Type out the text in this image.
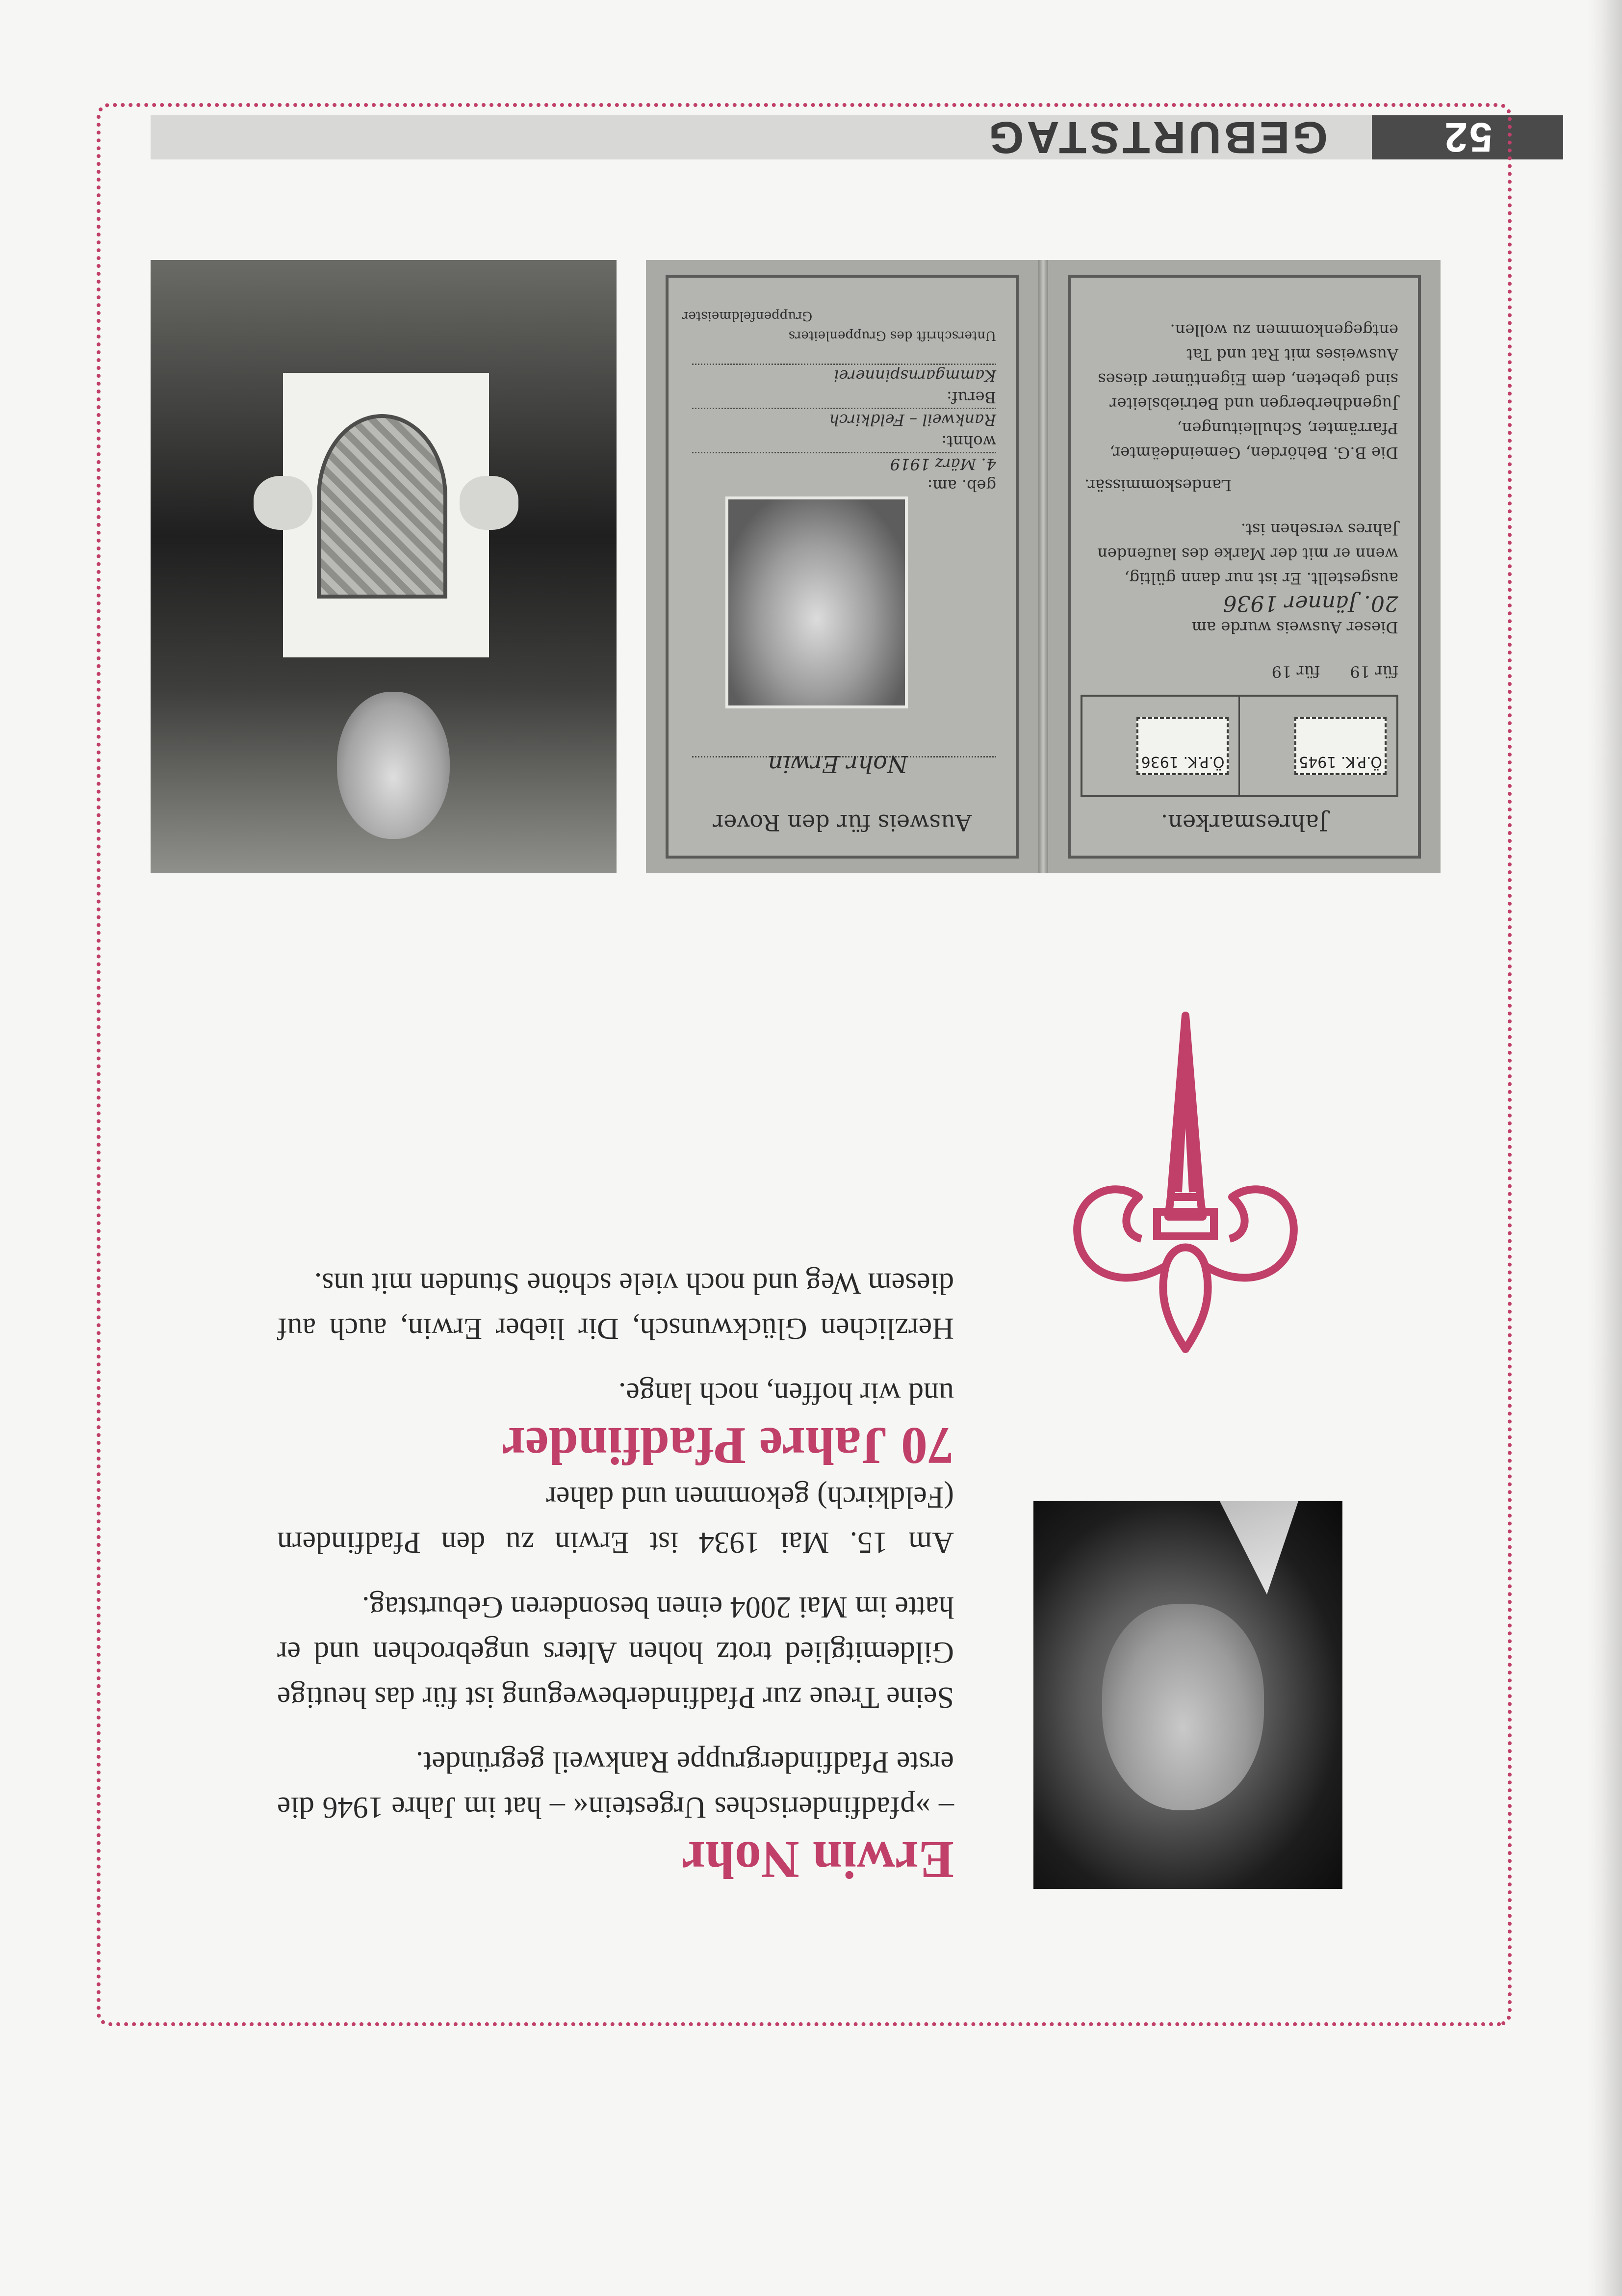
52
GEBURTSTAG

Erwin Nohr

– »pfadfinderisches Urgestein« – hat im Jahre 1946 die erste Pfadfindergruppe Rankweil gegründet.

Seine Treue zur Pfadfinderbewegung ist für das heutige Gildemitglied trotz hohen Alters ungebrochen und er hatte im Mai 2004 einen besonderen Geburtstag.

Am 15. Mai 1934 ist Erwin zu den Pfadfindern (Feldkirch) gekommen und daher

70 Jahre Pfadfinder

und wir hoffen, noch lange.

Herzlichen Glückwunsch, Dir lieber Erwin, auch auf diesem Weg und noch viele schöne Stunden mit uns.

Jahresmarken.
Ö.P.K. 1945
Ö.P.K. 1936
für 19      für 19
Dieser Ausweis wurde am
20. Jänner 1936
ausgestellt. Er ist nur dann gültig, wenn er mit der Marke des laufenden Jahres versehen ist.
Landeskommissär.
Die B.G. Behörden, Gemeindeämter, Pfarrämter, Schulleitungen, Jugendherbergen und Betriebsleiter sind gebeten, dem Eigentümer dieses Ausweises mit Rat und Tat entgegenkommen zu wollen.
Ausweis für den Rover
Nohr Erwin
geb. am:
4. März 1919
wohnt:
Rankweil – Feldkirch
Beruf:
Kammgarnspinnerei
Unterschrift des Gruppenleiters
Gruppenfeldmeister
